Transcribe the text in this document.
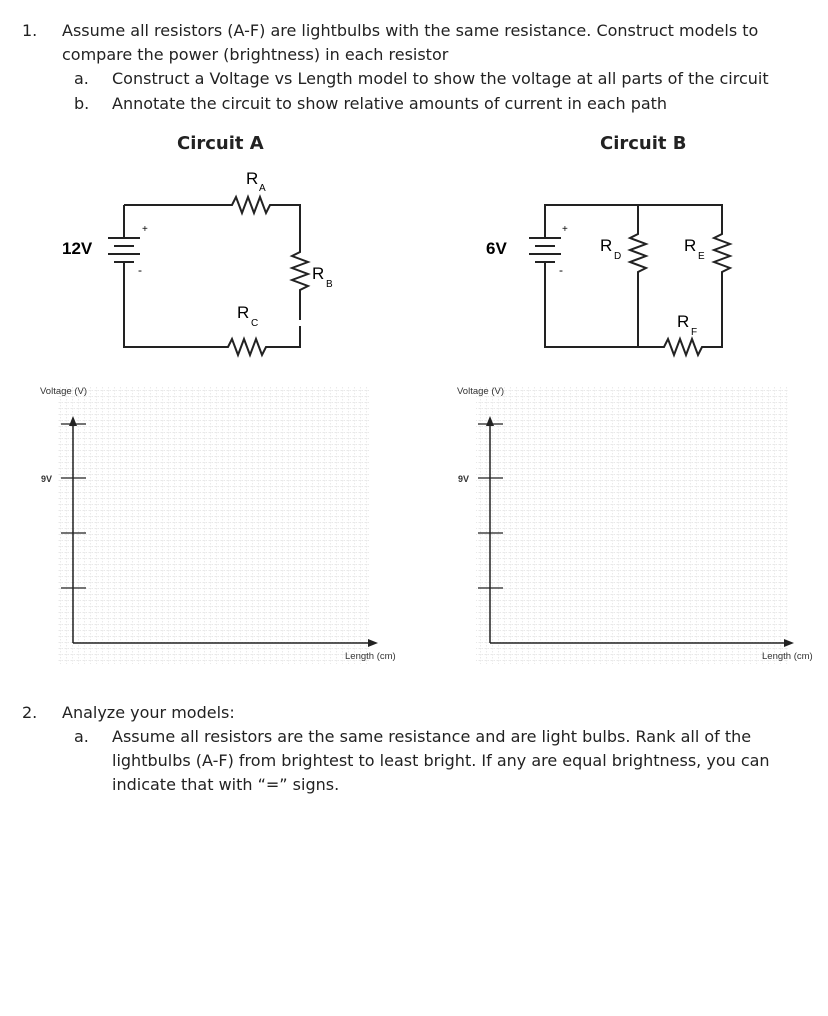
1. Assume all resistors (A-F) are lightbulbs with the same resistance. Construct models to
compare the power (brightness) in each resistor
a. Construct a Voltage vs Length model to show the voltage at all parts of the circuit
b. Annotate the circuit to show relative amounts of current in each path
Circuit A	Circuit B
+
-
12V
R
A
R
B
R
C
+
-
6V	R
D
R
E
R
F
Voltage (V)
9V
Length (cm)
Voltage (V)
9V
Length (cm)
2. Analyze your models:
a. Assume all resistors are the same resistance and are light bulbs. Rank all of the
lightbulbs (A-F) from brightest to least bright. If any are equal brightness, you can
indicate that with “=” signs.
